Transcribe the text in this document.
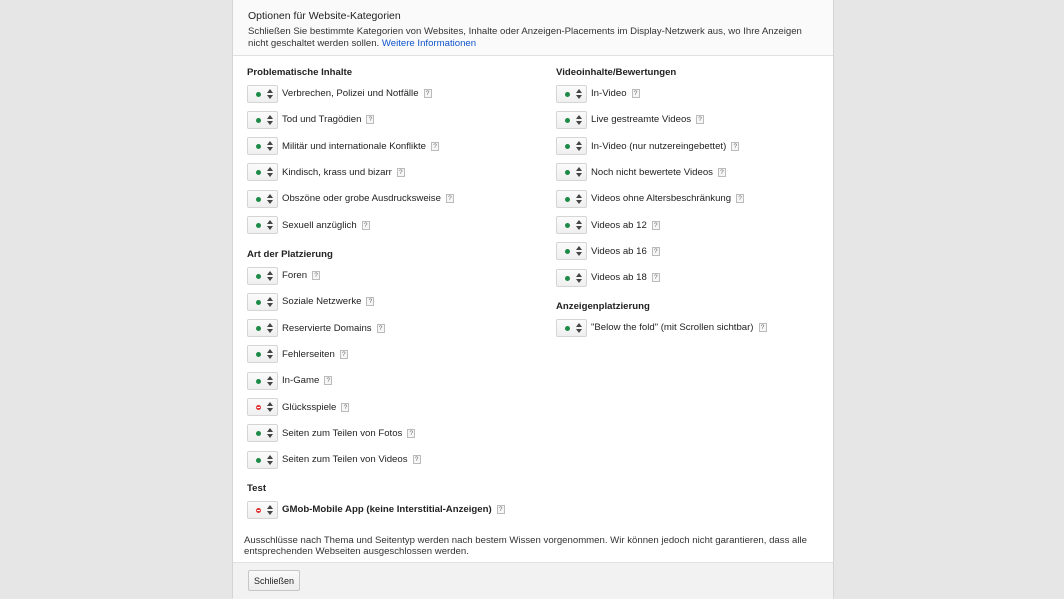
Optionen für Website-Kategorien
Schließen Sie bestimmte Kategorien von Websites, Inhalte oder Anzeigen-Placements im Display-Netzwerk aus, wo Ihre Anzeigen nicht geschaltet werden sollen. Weitere Informationen
Problematische Inhalte
Verbrechen, Polizei und Notfälle	?
Tod und Tragödien	?
Militär und internationale Konflikte	?
Kindisch, krass und bizarr	?
Obszöne oder grobe Ausdrucksweise	?
Sexuell anzüglich	?
Art der Platzierung
Foren	?
Soziale Netzwerke	?
Reservierte Domains	?
Fehlerseiten	?
In-Game	?
Glücksspiele	?
Seiten zum Teilen von Fotos	?
Seiten zum Teilen von Videos	?
Test
GMob-Mobile App (keine Interstitial-Anzeigen)	?
Videoinhalte/Bewertungen
In-Video	?
Live gestreamte Videos	?
In-Video (nur nutzereingebettet)	?
Noch nicht bewertete Videos	?
Videos ohne Altersbeschränkung	?
Videos ab 12	?
Videos ab 16	?
Videos ab 18	?
Anzeigenplatzierung
"Below the fold" (mit Scrollen sichtbar)	?
Ausschlüsse nach Thema und Seitentyp werden nach bestem Wissen vorgenommen. Wir können jedoch nicht garantieren, dass alle entsprechenden Webseiten ausgeschlossen werden.
Schließen
